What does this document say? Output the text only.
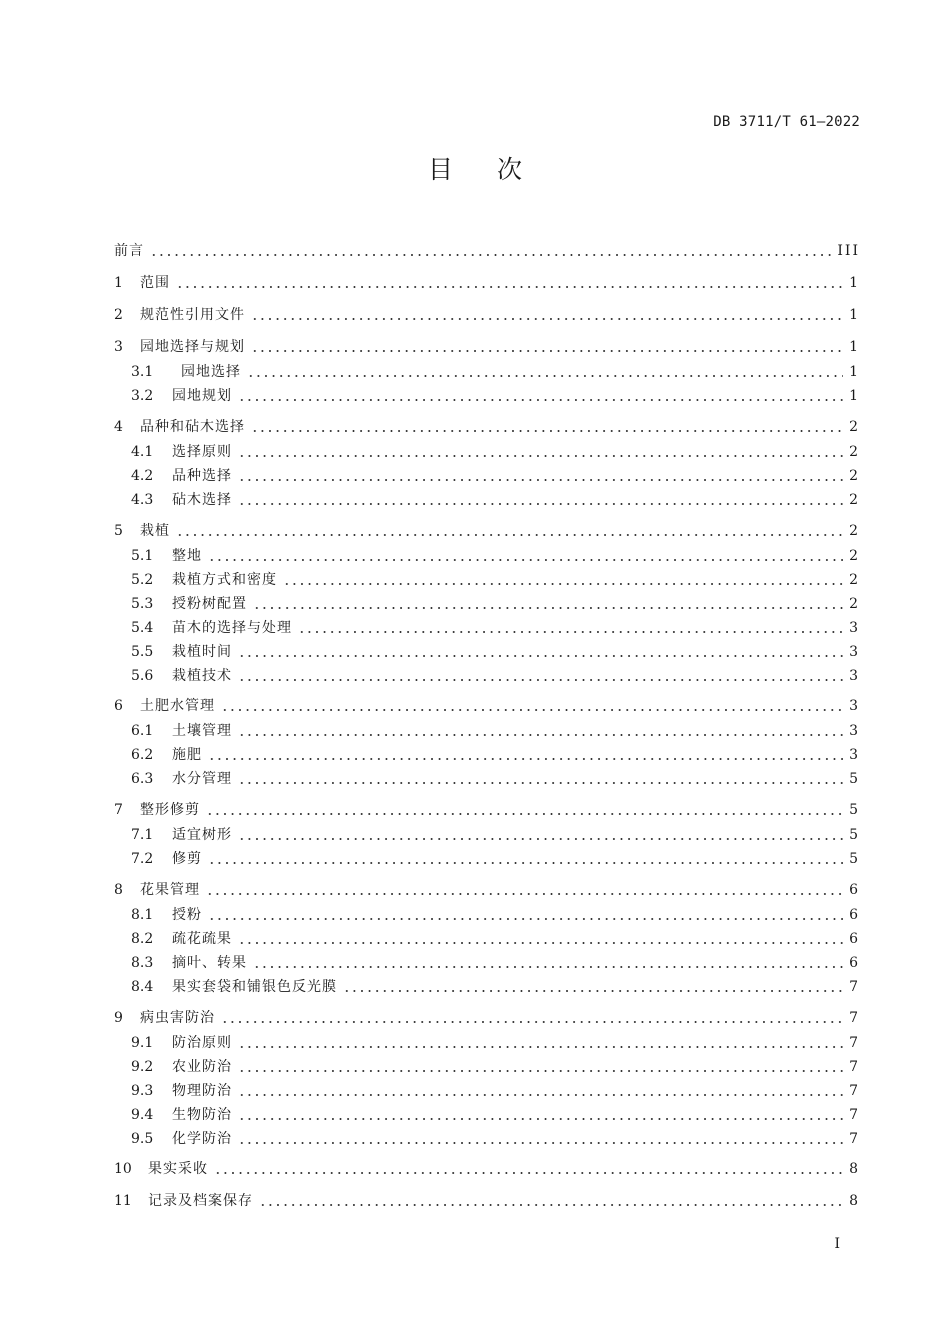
DB 3711/T 61—2022
目次
前言	III
1	范围	1
2	规范性引用文件	1
3	园地选择与规划	1
3.1	园地选择	1
3.2	园地规划	1
4	品种和砧木选择	2
4.1	选择原则	2
4.2	品种选择	2
4.3	砧木选择	2
5	栽植	2
5.1	整地	2
5.2	栽植方式和密度	2
5.3	授粉树配置	2
5.4	苗木的选择与处理	3
5.5	栽植时间	3
5.6	栽植技术	3
6	土肥水管理	3
6.1	土壤管理	3
6.2	施肥	3
6.3	水分管理	5
7	整形修剪	5
7.1	适宜树形	5
7.2	修剪	5
8	花果管理	6
8.1	授粉	6
8.2	疏花疏果	6
8.3	摘叶、转果	6
8.4	果实套袋和铺银色反光膜	7
9	病虫害防治	7
9.1	防治原则	7
9.2	农业防治	7
9.3	物理防治	7
9.4	生物防治	7
9.5	化学防治	7
10	果实采收	8
11	记录及档案保存	8
I
